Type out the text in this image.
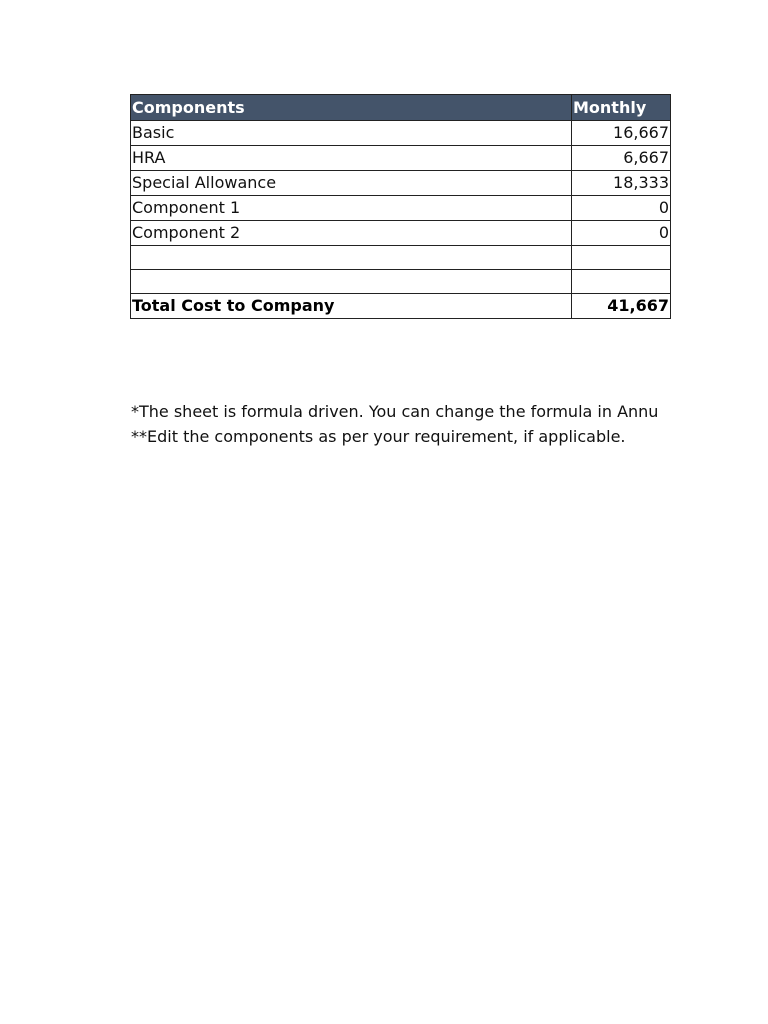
Components	Monthly
Basic	16,667
HRA	6,667
Special Allowance	18,333
Component 1	0
Component 2	0

Total Cost to Company	41,667
*The sheet is formula driven. You can change the formula in Annu
**Edit the components as per your requirement, if applicable.
